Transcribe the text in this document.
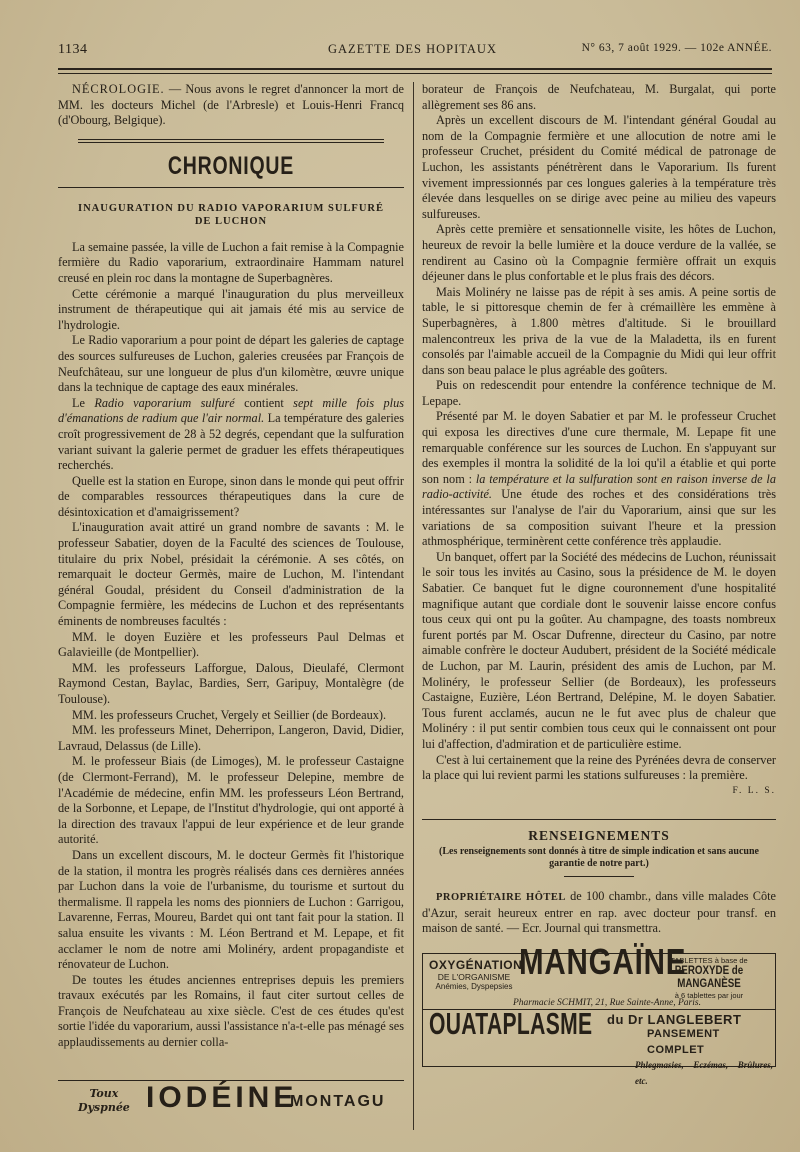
1134	GAZETTE DES HOPITAUX	N° 63, 7 août 1929. — 102e ANNÉE.

NÉCROLOGIE. — Nous avons le regret d'annoncer la mort de MM. les docteurs Michel (de l'Arbresle) et Louis-Henri Francq (d'Obourg, Belgique).

CHRONIQUE
INAUGURATION DU RADIO VAPORARIUM SULFURÉ DE LUCHON

La semaine passée, la ville de Luchon a fait remise à la Compagnie fermière du Radio vaporarium, extraordinaire Hammam naturel creusé en plein roc dans la montagne de Superbagnères.

Cette cérémonie a marqué l'inauguration du plus merveilleux instrument de thérapeutique qui ait jamais été mis au service de l'hydrologie.

Le Radio vaporarium a pour point de départ les galeries de captage des sources sulfureuses de Luchon, galeries creusées par François de Neufchâteau, sur une longueur de plus d'un kilomètre, œuvre unique dans la technique de captage des eaux minérales.

Le Radio vaporarium sulfuré contient sept mille fois plus d'émanations de radium que l'air normal. La température des galeries croît progressivement de 28 à 52 degrés, cependant que la sulfuration variant suivant la galerie permet de graduer les effets thérapeutiques recherchés.

Quelle est la station en Europe, sinon dans le monde qui peut offrir de comparables ressources thérapeutiques dans la cure de désintoxication et d'amaigrissement?

L'inauguration avait attiré un grand nombre de savants : M. le professeur Sabatier, doyen de la Faculté des sciences de Toulouse, titulaire du prix Nobel, présidait la cérémonie. A ses côtés, on remarquait le docteur Germès, maire de Luchon, M. l'intendant général Goudal, président du Conseil d'administration de la Compagnie fermière, les médecins de Luchon et des représentants éminents de nombreuses facultés :

MM. le doyen Euzière et les professeurs Paul Delmas et Galavieille (de Montpellier).

MM. les professeurs Lafforgue, Dalous, Dieulafé, Clermont Raymond Cestan, Baylac, Bardies, Serr, Garipuy, Montalègre (de Toulouse).

MM. les professeurs Cruchet, Vergely et Seillier (de Bordeaux).

MM. les professeurs Minet, Deherripon, Langeron, David, Didier, Lavraud, Delassus (de Lille).

M. le professeur Biais (de Limoges), M. le professeur Castaigne (de Clermont-Ferrand), M. le professeur Delepine, membre de l'Académie de médecine, enfin MM. les professeurs Léon Bertrand, de la Sorbonne, et Lepape, de l'Institut d'hydrologie, qui ont apporté à la direction des travaux l'appui de leur expérience et de leur grande autorité.

Dans un excellent discours, M. le docteur Germès fit l'historique de la station, il montra les progrès réalisés dans ces dernières années par Luchon dans la voie de l'urbanisme, du tourisme et surtout du thermalisme. Il rappela les noms des pionniers de Luchon : Garrigou, Lavarenne, Ferras, Moureu, Bardet qui ont tant fait pour la station. Il salua ensuite les vivants : M. Léon Bertrand et M. Lepape, et fit acclamer le nom de notre ami Molinéry, ardent propagandiste et rénovateur de Luchon.

De toutes les études anciennes entreprises depuis les premiers travaux exécutés par les Romains, il faut citer surtout celles de François de Neufchateau au xixe siècle. C'est de ces études qu'est sortie l'idée du vaporarium, aussi l'assistance n'a-t-elle pas ménagé ses applaudissements au dernier colla-

Toux
Dyspnée IODÉINE
MONTAGU

borateur de François de Neufchateau, M. Burgalat, qui porte allègrement ses 86 ans.

Après un excellent discours de M. l'intendant général Goudal au nom de la Compagnie fermière et une allocution de notre ami le professeur Cruchet, président du Comité médical de patronage de Luchon, les assistants pénétrèrent dans le Vaporarium. Ils furent vivement impressionnés par ces longues galeries à la température très élevée dans lesquelles on se dirige avec peine au milieu des vapeurs sulfureuses.

Après cette première et sensationnelle visite, les hôtes de Luchon, heureux de revoir la belle lumière et la douce verdure de la vallée, se rendirent au Casino où la Compagnie fermière offrait un exquis déjeuner dans le plus confortable et le plus frais des décors.

Mais Molinéry ne laisse pas de répit à ses amis. A peine sortis de table, le si pittoresque chemin de fer à crémaillère les emmène à Superbagnères, à 1.800 mètres d'altitude. Si le brouillard malencontreux les priva de la vue de la Maladetta, ils en furent consolés par l'aimable accueil de la Compagnie du Midi qui leur offrit dans son beau palace le plus agréable des goûters.

Puis on redescendit pour entendre la conférence technique de M. Lepape.

Présenté par M. le doyen Sabatier et par M. le professeur Cruchet qui exposa les directives d'une cure thermale, M. Lepape fit une remarquable conférence sur les sources de Luchon. En s'appuyant sur des exemples il montra la solidité de la loi qu'il a établie et qui porte son nom : la température et la sulfuration sont en raison inverse de la radio-activité. Une étude des roches et des considérations très intéressantes sur l'analyse de l'air du Vaporarium, ainsi que sur les variations de sa composition suivant l'heure et la pression athmosphérique, terminèrent cette conférence très applaudie.

Un banquet, offert par la Société des médecins de Luchon, réunissait le soir tous les invités au Casino, sous la présidence de M. le doyen Sabatier. Ce banquet fut le digne couronnement d'une hospitalité magnifique autant que cordiale dont le souvenir laisse encore confus tous ceux qui ont pu la goûter. Au champagne, des toasts nombreux furent portés par M. Oscar Dufrenne, directeur du Casino, par notre aimable confrère le docteur Audubert, président de la Société médicale de Luchon, par M. Laurin, président des amis de Luchon, par M. Molinéry, le professeur Sellier (de Bordeaux), les professeurs Castaigne, Euzière, Léon Bertrand, Delépine, M. le doyen Sabatier. Tous furent acclamés, aucun ne le fut avec plus de chaleur que Molinéry : il put sentir combien tous ceux qui le connaissent ont pour lui d'affection, d'admiration et de particulière estime.

C'est à lui certainement que la reine des Pyrénées devra de conserver la place qui lui revient parmi les stations sulfureuses : la première.

F. L. S.
RENSEIGNEMENTS
(Les renseignements sont donnés à titre de simple indication et sans aucune garantie de notre part.)

PROPRIÉTAIRE HÔTEL de 100 chambr., dans ville malades Côte d'Azur, serait heureux entrer en rap. avec docteur pour transf. en maison de santé. — Ecr. Journal qui transmettra.

OXYGÉNATION
DE L'ORGANISME
Anémies, Dyspepsies
MANGAÏNE
TABLETTES à base de
PEROXYDE de MANGANÈSE
à 6 tablettes par jour
Pharmacie SCHMIT, 21, Rue Sainte-Anne, Paris.
OUATAPLASME du Dr LANGLEBERT
PANSEMENT COMPLET
Phlegmasies, Eczémas, Brûlures, etc.
